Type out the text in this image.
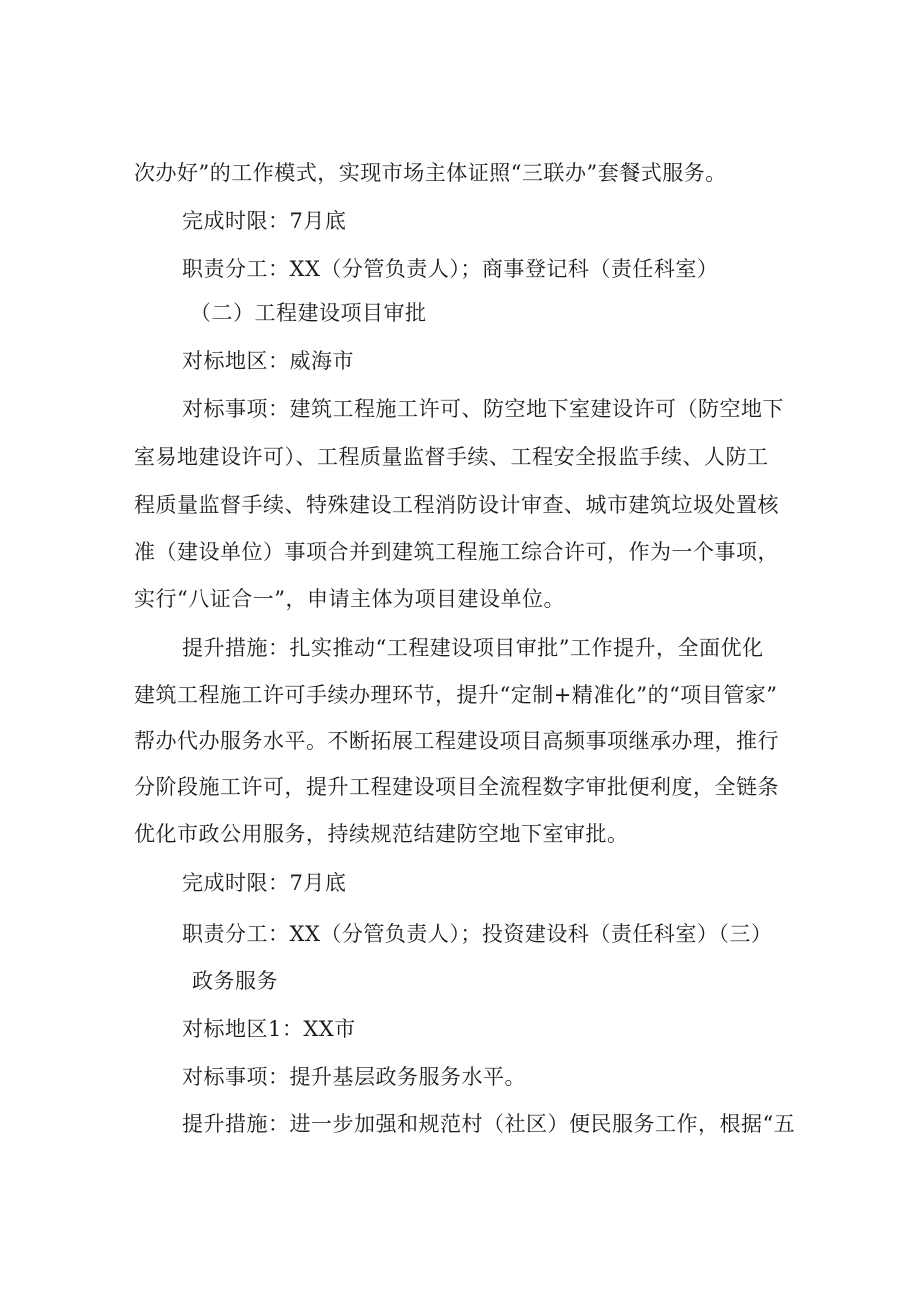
次办好”的工作模式，实现市场主体证照“三联办”套餐式服务。
完成时限：7月底
职责分工：XX（分管负责人）；商事登记科（责任科室）
（二）工程建设项目审批
对标地区：威海市
对标事项：建筑工程施工许可、防空地下室建设许可（防空地下
室易地建设许可）、工程质量监督手续、工程安全报监手续、人防工
程质量监督手续、特殊建设工程消防设计审查、城市建筑垃圾处置核
准（建设单位）事项合并到建筑工程施工综合许可，作为一个事项，
实行“八证合一”，申请主体为项目建设单位。
提升措施：扎实推动“工程建设项目审批”工作提升，全面优化
建筑工程施工许可手续办理环节，提升“定制+精准化”的“项目管家”
帮办代办服务水平。不断拓展工程建设项目高频事项继承办理，推行
分阶段施工许可，提升工程建设项目全流程数字审批便利度，全链条
优化市政公用服务，持续规范结建防空地下室审批。
完成时限：7月底
职责分工：XX（分管负责人）；投资建设科（责任科室）（三）
政务服务
对标地区1：XX市
对标事项：提升基层政务服务水平。
提升措施：进一步加强和规范村（社区）便民服务工作，根据“五
